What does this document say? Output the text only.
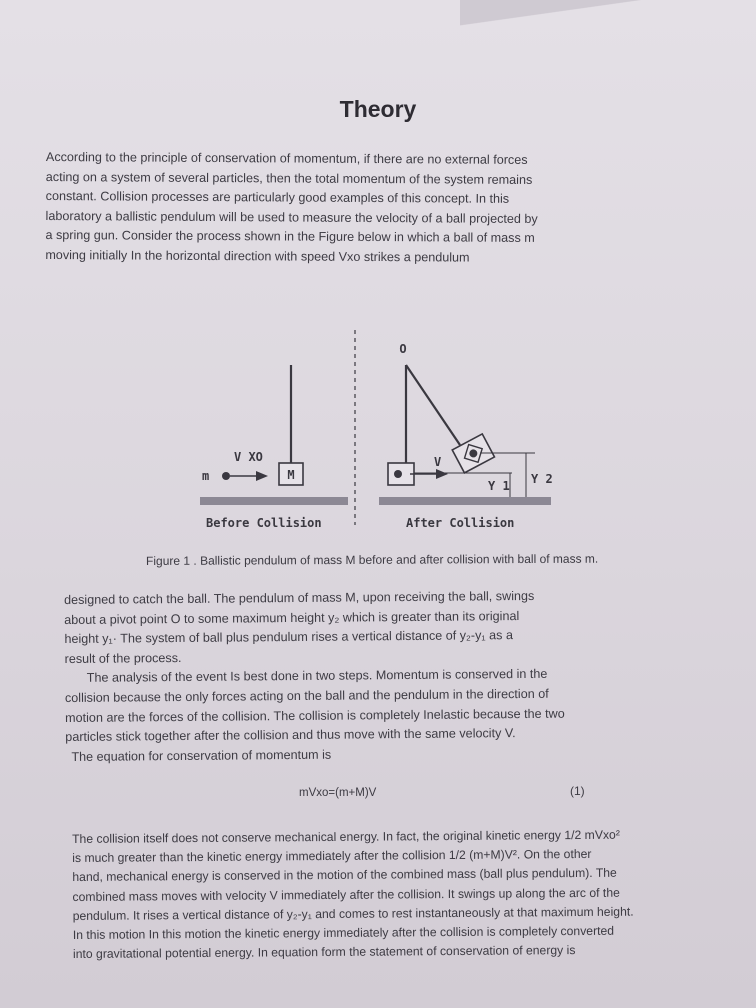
Theory
According to the principle of conservation of momentum, if there are no external forces
acting on a system of several particles, then the total momentum of the system remains
constant. Collision processes are particularly good examples of this concept. In this
laboratory a ballistic pendulum will be used to measure the velocity of a ball projected by
a spring gun. Consider the process shown in the Figure below in which a ball of mass m
moving initially In the horizontal direction with speed Vxo strikes a pendulum
M
m
V XO
Before Collision
O
V
Y 1 Y 2
After Collision
Figure 1 . Ballistic pendulum of mass M before and after collision with ball of mass m.
designed to catch the ball. The pendulum of mass M, upon receiving the ball, swings
about a pivot point O to some maximum height y₂ which is greater than its original
height y₁· The system of ball plus pendulum rises a vertical distance of y₂-y₁ as a
result of the process.
The analysis of the event Is best done in two steps. Momentum is conserved in the
collision because the only forces acting on the ball and the pendulum in the direction of
motion are the forces of the collision. The collision is completely Inelastic because the two
particles stick together after the collision and thus move with the same velocity V.
The equation for conservation of momentum is
mVxo=(m+M)V	(1)
The collision itself does not conserve mechanical energy. In fact, the original kinetic energy 1/2 mVxo²
is much greater than the kinetic energy immediately after the collision 1/2 (m+M)V². On the other
hand, mechanical energy is conserved in the motion of the combined mass (ball plus pendulum). The
combined mass moves with velocity V immediately after the collision. It swings up along the arc of the
pendulum. It rises a vertical distance of y₂-y₁ and comes to rest instantaneously at that maximum height.
In this motion In this motion the kinetic energy immediately after the collision is completely converted
into gravitational potential energy. In equation form the statement of conservation of energy is
